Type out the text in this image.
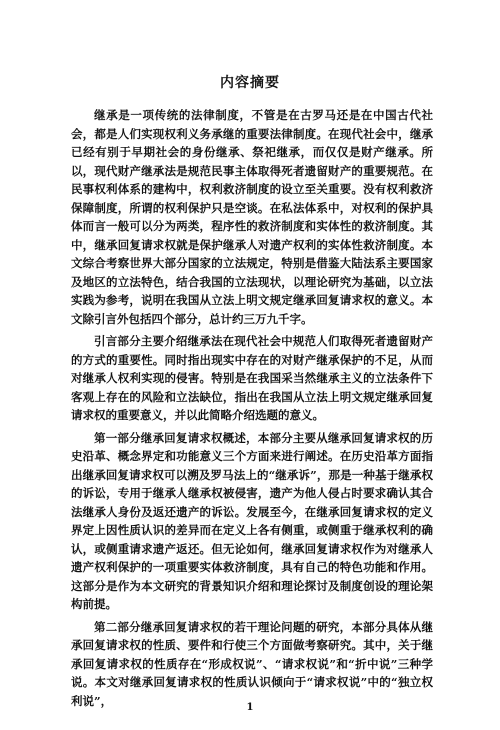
内容摘要

继承是一项传统的法律制度，不管是在古罗马还是在中国古代社会，都是人们实现权利义务承继的重要法律制度。在现代社会中，继承已经有别于早期社会的身份继承、祭祀继承，而仅仅是财产继承。所以，现代财产继承法是规范民事主体取得死者遗留财产的重要规范。在民事权利体系的建构中，权利救济制度的设立至关重要。没有权利救济保障制度，所谓的权利保护只是空谈。在私法体系中，对权利的保护具体而言一般可以分为两类，程序性的救济制度和实体性的救济制度。其中，继承回复请求权就是保护继承人对遗产权利的实体性救济制度。本文综合考察世界大部分国家的立法规定，特别是借鉴大陆法系主要国家及地区的立法特色，结合我国的立法现状，以理论研究为基础，以立法实践为参考，说明在我国从立法上明文规定继承回复请求权的意义。本文除引言外包括四个部分，总计约三万九千字。

引言部分主要介绍继承法在现代社会中规范人们取得死者遗留财产的方式的重要性。同时指出现实中存在的对财产继承保护的不足，从而对继承人权利实现的侵害。特别是在我国采当然继承主义的立法条件下客观上存在的风险和立法缺位，指出在我国从立法上明文规定继承回复请求权的重要意义，并以此简略介绍选题的意义。

第一部分继承回复请求权概述，本部分主要从继承回复请求权的历史沿革、概念界定和功能意义三个方面来进行阐述。在历史沿革方面指出继承回复请求权可以溯及罗马法上的“继承诉”，那是一种基于继承权的诉讼，专用于继承人继承权被侵害，遗产为他人侵占时要求确认其合法继承人身份及返还遗产的诉讼。发展至今，在继承回复请求权的定义界定上因性质认识的差异而在定义上各有侧重，或侧重于继承权利的确认，或侧重请求遗产返还。但无论如何，继承回复请求权作为对继承人遗产权利保护的一项重要实体救济制度，具有自己的特色功能和作用。这部分是作为本文研究的背景知识介绍和理论探讨及制度创设的理论架构前提。

第二部分继承回复请求权的若干理论问题的研究，本部分具体从继承回复请求权的性质、要件和行使三个方面做考察研究。其中，关于继承回复请求权的性质存在“形成权说”、“请求权说”和“折中说”三种学说。本文对继承回复请求权的性质认识倾向于“请求权说”中的“独立权利说”，	1
